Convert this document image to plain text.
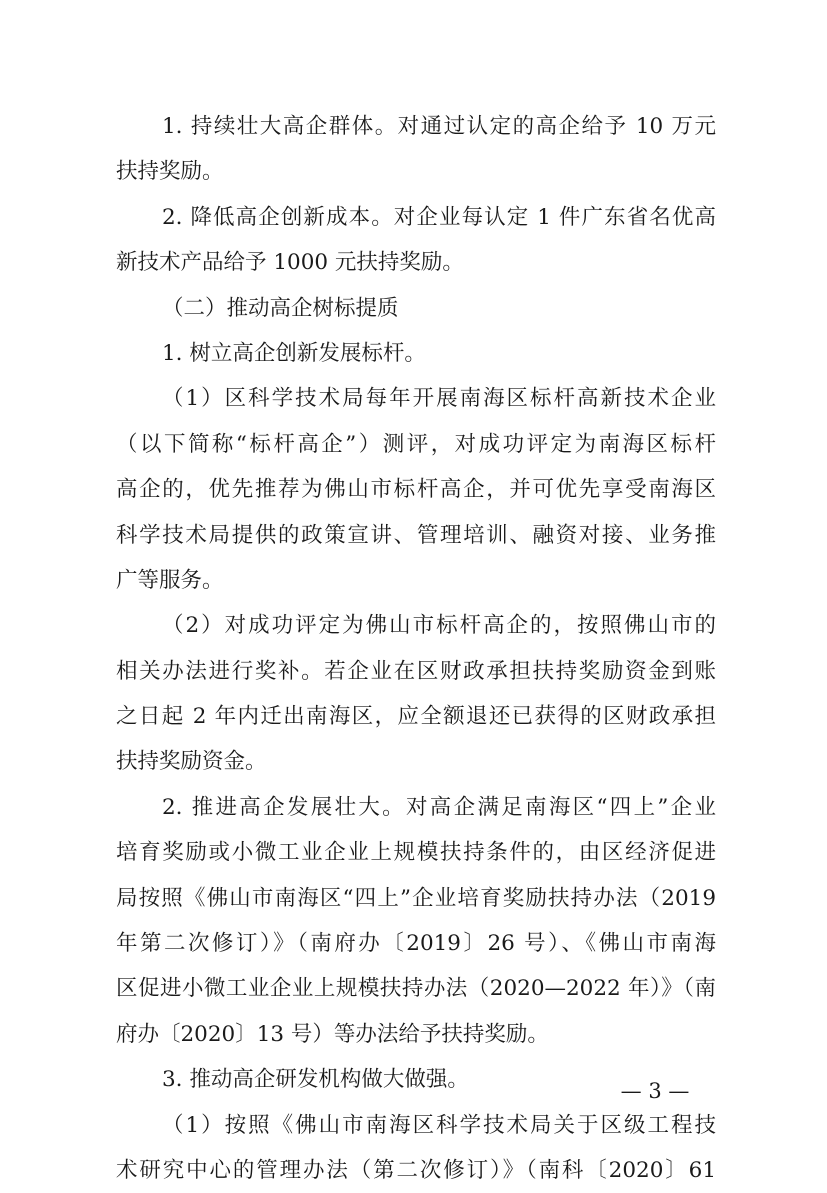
1. 持续壮大高企群体。对通过认定的高企给予 10 万元
扶持奖励。
2. 降低高企创新成本。对企业每认定 1 件广东省名优高
新技术产品给予 1000 元扶持奖励。
（二）推动高企树标提质
1. 树立高企创新发展标杆。
（1）区科学技术局每年开展南海区标杆高新技术企业
（以下简称“标杆高企”）测评，对成功评定为南海区标杆
高企的，优先推荐为佛山市标杆高企，并可优先享受南海区
科学技术局提供的政策宣讲、管理培训、融资对接、业务推
广等服务。
（2）对成功评定为佛山市标杆高企的，按照佛山市的
相关办法进行奖补。若企业在区财政承担扶持奖励资金到账
之日起 2 年内迁出南海区，应全额退还已获得的区财政承担
扶持奖励资金。
2. 推进高企发展壮大。对高企满足南海区“四上”企业
培育奖励或小微工业企业上规模扶持条件的，由区经济促进
局按照《佛山市南海区“四上”企业培育奖励扶持办法（2019
年第二次修订）》（南府办〔2019〕26 号）、《佛山市南海
区促进小微工业企业上规模扶持办法（2020—2022 年）》（南
府办〔2020〕13 号）等办法给予扶持奖励。
3. 推动高企研发机构做大做强。
（1）按照《佛山市南海区科学技术局关于区级工程技
术研究中心的管理办法（第二次修订）》（南科〔2020〕61
— 3 —
